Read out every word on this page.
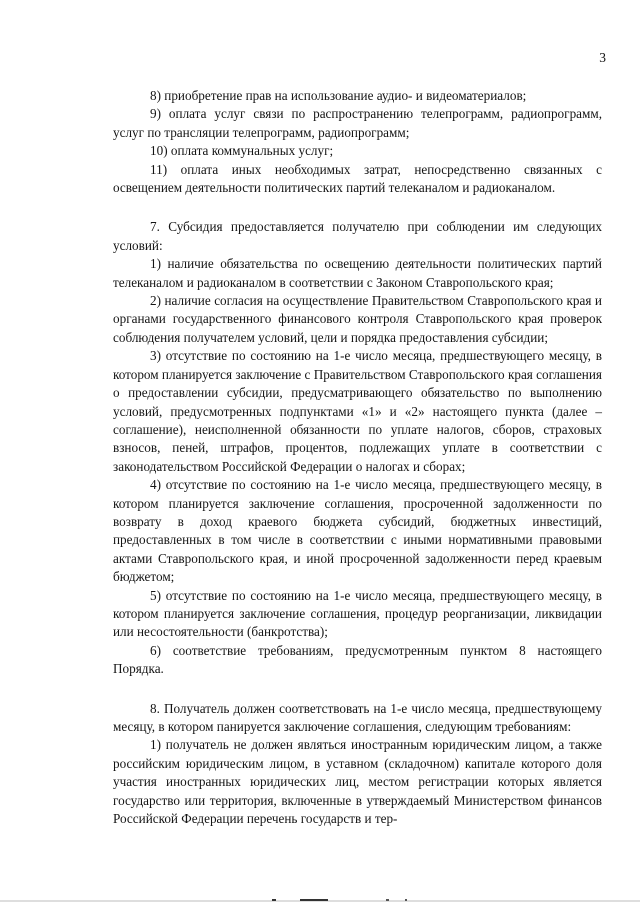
3

8) приобретение прав на использование аудио- и видеоматериалов;

9) оплата услуг связи по распространению телепрограмм, радиопрограмм, услуг по трансляции телепрограмм, радиопрограмм;

10) оплата коммунальных услуг;

11) оплата иных необходимых затрат, непосредственно связанных с освещением деятельности политических партий телеканалом и радиоканалом.

7. Субсидия предоставляется получателю при соблюдении им следующих условий:

1) наличие обязательства по освещению деятельности политических партий телеканалом и радиоканалом в соответствии с Законом Ставропольского края;

2) наличие согласия на осуществление Правительством Ставропольского края и органами государственного финансового контроля Ставропольского края проверок соблюдения получателем условий, цели и порядка предоставления субсидии;

3) отсутствие по состоянию на 1-е число месяца, предшествующего месяцу, в котором планируется заключение с Правительством Ставропольского края соглашения о предоставлении субсидии, предусматривающего обязательство по выполнению условий, предусмотренных подпунктами «1» и «2» настоящего пункта (далее – соглашение), неисполненной обязанности по уплате налогов, сборов, страховых взносов, пеней, штрафов, процентов, подлежащих уплате в соответствии с законодательством Российской Федерации о налогах и сборах;

4) отсутствие по состоянию на 1-е число месяца, предшествующего месяцу, в котором планируется заключение соглашения, просроченной задолженности по возврату в доход краевого бюджета субсидий, бюджетных инвестиций, предоставленных в том числе в соответствии с иными нормативными правовыми актами Ставропольского края, и иной просроченной задолженности перед краевым бюджетом;

5) отсутствие по состоянию на 1-е число месяца, предшествующего месяцу, в котором планируется заключение соглашения, процедур реорганизации, ликвидации или несостоятельности (банкротства);

6) соответствие требованиям, предусмотренным пунктом 8 настоящего Порядка.

8. Получатель должен соответствовать на 1-е число месяца, предшествующему месяцу, в котором панируется заключение соглашения, следующим требованиям:

1) получатель не должен являться иностранным юридическим лицом, а также российским юридическим лицом, в уставном (складочном) капитале которого доля участия иностранных юридических лиц, местом регистрации которых является государство или территория, включенные в утверждаемый Министерством финансов Российской Федерации перечень государств и тер-
